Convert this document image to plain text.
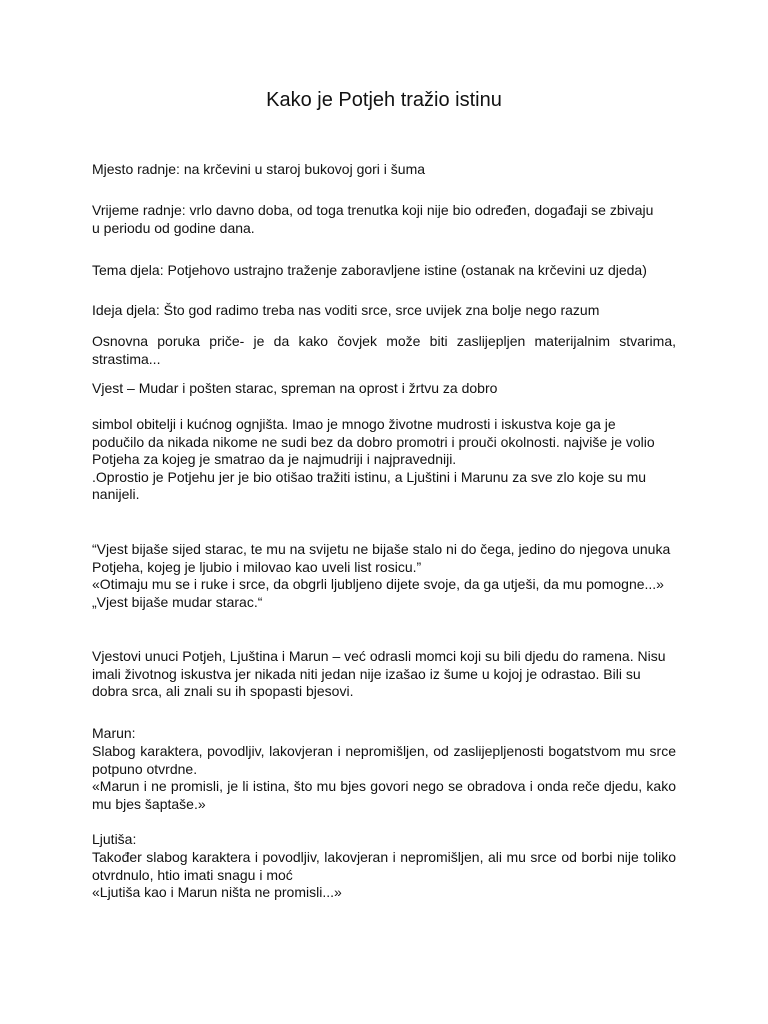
Kako je Potjeh tražio istinu
Mjesto radnje: na krčevini u staroj bukovoj gori i šuma
Vrijeme radnje: vrlo davno doba, od toga trenutka koji nije bio određen, događaji se zbivaju
u periodu od godine dana.
Tema djela: Potjehovo ustrajno traženje zaboravljene istine (ostanak na krčevini uz djeda)
Ideja djela: Što god radimo treba nas voditi srce, srce uvijek zna bolje nego razum
Osnovna poruka priče- je da kako čovjek može biti zaslijepljen materijalnim stvarima, strastima...
Vjest – Mudar i pošten starac, spreman na oprost i žrtvu za dobro
simbol obitelji i kućnog ognjišta. Imao je mnogo životne mudrosti i iskustva koje ga je
podučilo da nikada nikome ne sudi bez da dobro promotri i prouči okolnosti. najviše je volio
Potjeha za kojeg je smatrao da je najmudriji i najpravedniji.
.Oprostio je Potjehu jer je bio otišao tražiti istinu, a Ljuštini i Marunu za sve zlo koje su mu
nanijeli.
“Vjest bijaše sijed starac, te mu na svijetu ne bijaše stalo ni do čega, jedino do njegova unuka
Potjeha, kojeg je ljubio i milovao kao uveli list rosicu.”
«Otimaju mu se i ruke i srce, da obgrli ljubljeno dijete svoje, da ga utješi, da mu pomogne...»
„Vjest bijaše mudar starac.“
Vjestovi unuci Potjeh, Ljuština i Marun – već odrasli momci koji su bili djedu do ramena. Nisu
imali životnog iskustva jer nikada niti jedan nije izašao iz šume u kojoj je odrastao. Bili su
dobra srca, ali znali su ih spopasti bjesovi.
Marun:
Slabog karaktera, povodljiv, lakovjeran i nepromišljen, od zaslijepljenosti bogatstvom mu srce potpuno otvrdne.
«Marun i ne promisli, je li istina, što mu bjes govori nego se obradova i onda reče djedu, kako mu bjes šaptaše.»
Ljutiša:
Također slabog karaktera i povodljiv, lakovjeran i nepromišljen, ali mu srce od borbi nije toliko otvrdnulo, htio imati snagu i moć
«Ljutiša kao i Marun ništa ne promisli...»
